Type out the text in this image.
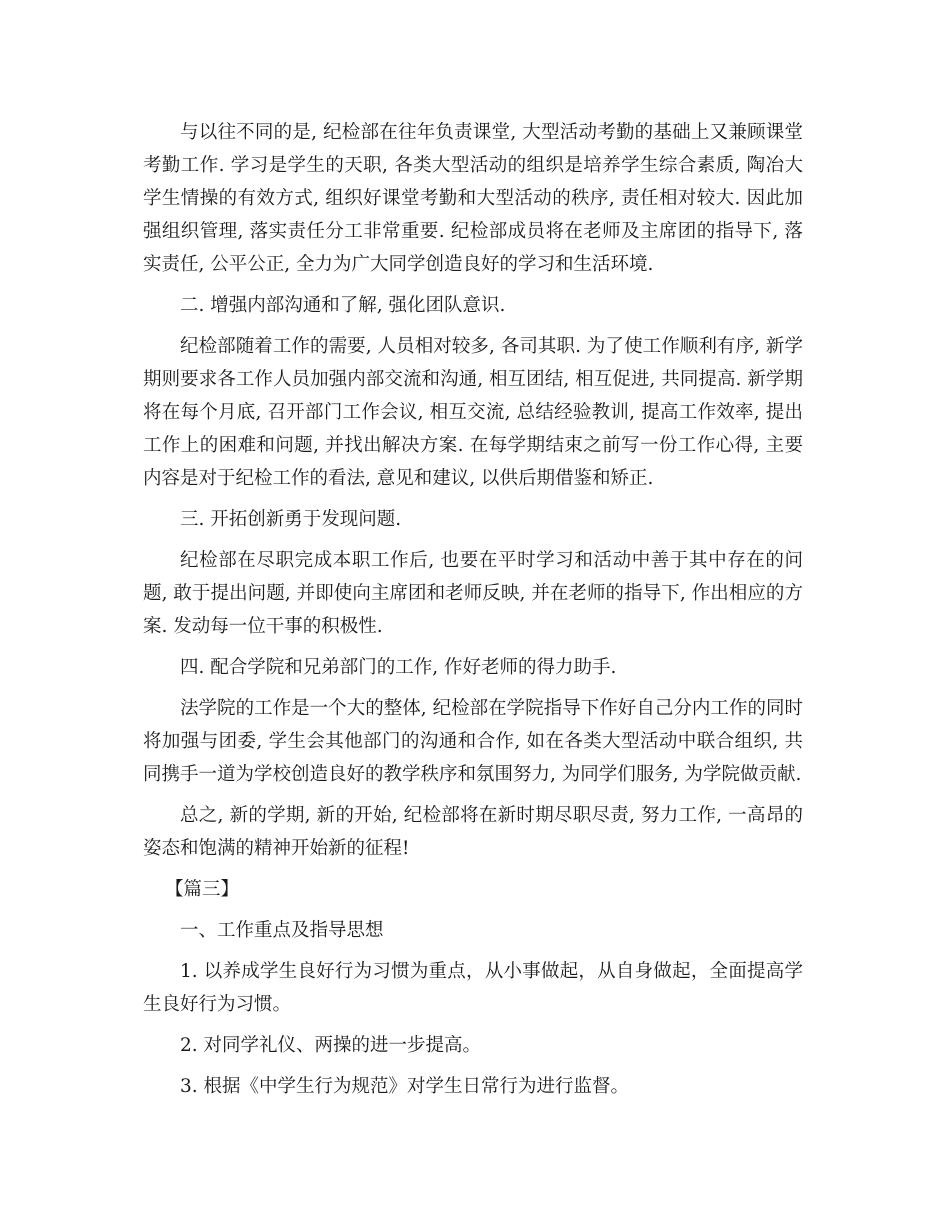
与以往不同的是, 纪检部在往年负责课堂, 大型活动考勤的基础上又兼顾课堂考勤工作. 学习是学生的天职, 各类大型活动的组织是培养学生综合素质, 陶冶大学生情操的有效方式, 组织好课堂考勤和大型活动的秩序, 责任相对较大. 因此加强组织管理, 落实责任分工非常重要. 纪检部成员将在老师及主席团的指导下, 落实责任, 公平公正, 全力为广大同学创造良好的学习和生活环境.

二. 增强内部沟通和了解, 强化团队意识.

纪检部随着工作的需要, 人员相对较多, 各司其职. 为了使工作顺利有序, 新学期则要求各工作人员加强内部交流和沟通, 相互团结, 相互促进, 共同提高. 新学期将在每个月底, 召开部门工作会议, 相互交流, 总结经验教训, 提高工作效率, 提出工作上的困难和问题, 并找出解决方案. 在每学期结束之前写一份工作心得, 主要内容是对于纪检工作的看法, 意见和建议, 以供后期借鉴和矫正.

三. 开拓创新勇于发现问题.

纪检部在尽职完成本职工作后, 也要在平时学习和活动中善于其中存在的问题, 敢于提出问题, 并即使向主席团和老师反映, 并在老师的指导下, 作出相应的方案. 发动每一位干事的积极性.

四. 配合学院和兄弟部门的工作, 作好老师的得力助手.

法学院的工作是一个大的整体, 纪检部在学院指导下作好自己分内工作的同时将加强与团委, 学生会其他部门的沟通和合作, 如在各类大型活动中联合组织, 共同携手一道为学校创造良好的教学秩序和氛围努力, 为同学们服务, 为学院做贡献.

总之, 新的学期, 新的开始, 纪检部将在新时期尽职尽责, 努力工作, 一高昂的姿态和饱满的精神开始新的征程!

【篇三】

一、工作重点及指导思想

1. 以养成学生良好行为习惯为重点，从小事做起，从自身做起，全面提高学生良好行为习惯。

2. 对同学礼仪、两操的进一步提高。

3. 根据《中学生行为规范》对学生日常行为进行监督。
